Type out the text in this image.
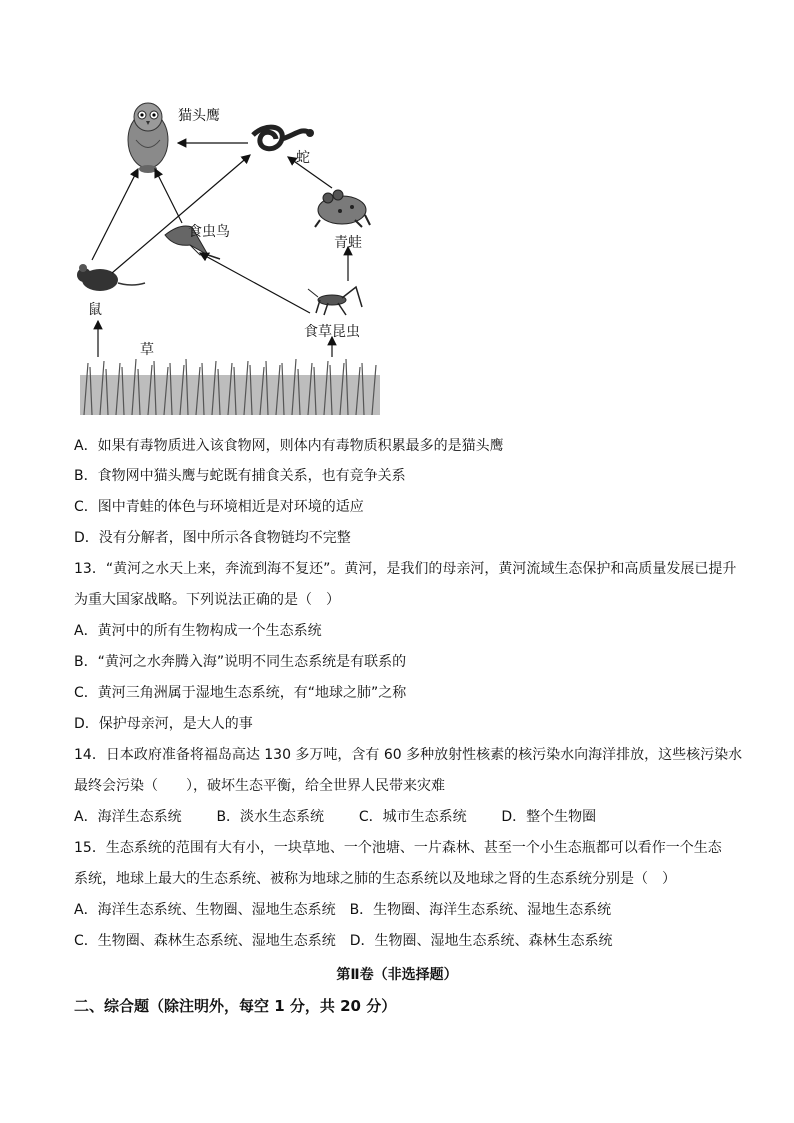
猫头鹰
蛇
食虫鸟
青蛙
鼠
食草昆虫
草
A．如果有毒物质进入该食物网，则体内有毒物质积累最多的是猫头鹰
B．食物网中猫头鹰与蛇既有捕食关系，也有竞争关系
C．图中青蛙的体色与环境相近是对环境的适应
D．没有分解者，图中所示各食物链均不完整
13．“黄河之水天上来，奔流到海不复还”。黄河，是我们的母亲河，黄河流域生态保护和高质量发展已提升
为重大国家战略。下列说法正确的是（　）
A．黄河中的所有生物构成一个生态系统
B．“黄河之水奔腾入海”说明不同生态系统是有联系的
C．黄河三角洲属于湿地生态系统，有“地球之肺”之称
D．保护母亲河，是大人的事
14．日本政府准备将福岛高达 130 多万吨，含有 60 多种放射性核素的核污染水向海洋排放，这些核污染水
最终会污染（　　），破坏生态平衡，给全世界人民带来灾难
A．海洋生态系统 B．淡水生态系统 C．城市生态系统 D．整个生物圈
15．生态系统的范围有大有小，一块草地、一个池塘、一片森林、甚至一个小生态瓶都可以看作一个生态
系统，地球上最大的生态系统、被称为地球之肺的生态系统以及地球之肾的生态系统分别是（　）
A．海洋生态系统、生物圈、湿地生态系统　B．生物圈、海洋生态系统、湿地生态系统
C．生物圈、森林生态系统、湿地生态系统　D．生物圈、湿地生态系统、森林生态系统
第Ⅱ卷（非选择题）
二、综合题（除注明外，每空 1 分，共 20 分）
